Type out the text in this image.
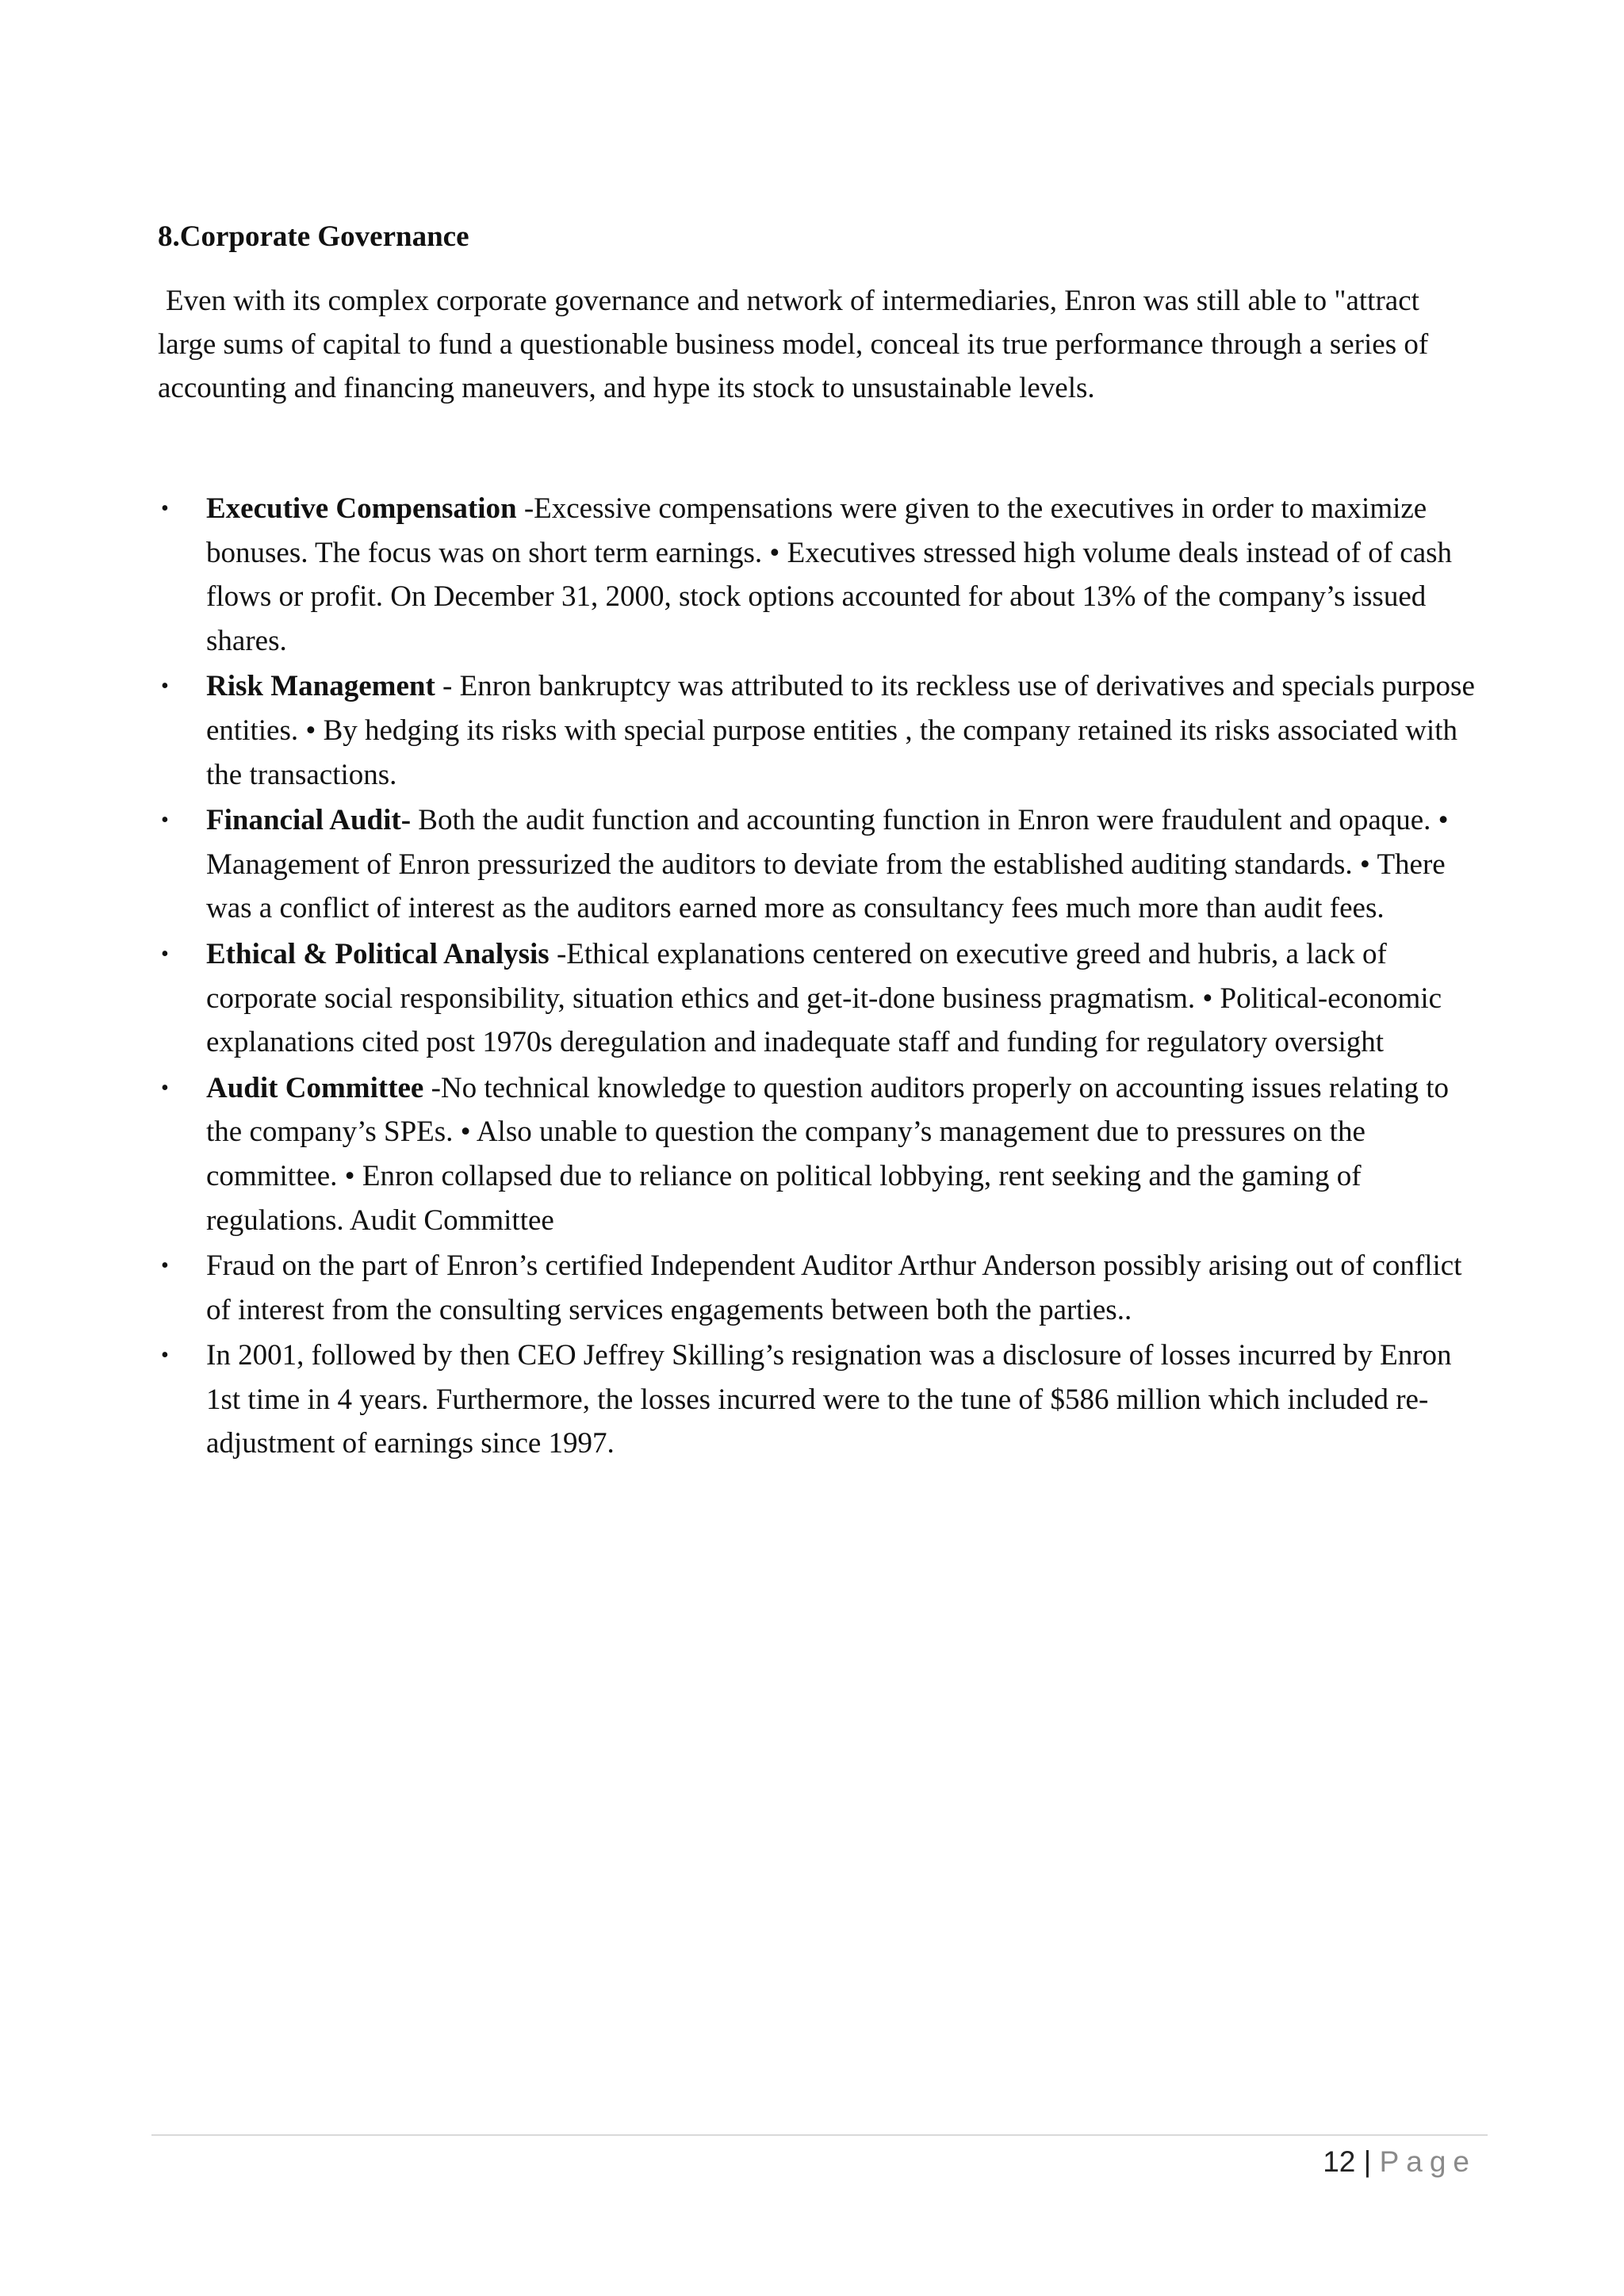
8.Corporate Governance

Even with its complex corporate governance and network of intermediaries, Enron was still able to "attract large sums of capital to fund a questionable business model, conceal its true performance through a series of accounting and financing maneuvers, and hype its stock to unsustainable levels.

• Executive Compensation -Excessive compensations were given to the executives in order to maximize bonuses. The focus was on short term earnings. • Executives stressed high volume deals instead of of cash flows or profit. On December 31, 2000, stock options accounted for about 13% of the company’s issued shares.
• Risk Management - Enron bankruptcy was attributed to its reckless use of derivatives and specials purpose entities. • By hedging its risks with special purpose entities , the company retained its risks associated with the transactions.
• Financial Audit- Both the audit function and accounting function in Enron were fraudulent and opaque. • Management of Enron pressurized the auditors to deviate from the established auditing standards. • There was a conflict of interest as the auditors earned more as consultancy fees much more than audit fees.
• Ethical & Political Analysis -Ethical explanations centered on executive greed and hubris, a lack of corporate social responsibility, situation ethics and get-it-done business pragmatism. • Political-economic explanations cited post 1970s deregulation and inadequate staff and funding for regulatory oversight
• Audit Committee -No technical knowledge to question auditors properly on accounting issues relating to the company’s SPEs. • Also unable to question the company’s management due to pressures on the committee. • Enron collapsed due to reliance on political lobbying, rent seeking and the gaming of regulations. Audit Committee
• Fraud on the part of Enron’s certified Independent Auditor Arthur Anderson possibly arising out of conflict of interest from the consulting services engagements between both the parties..
• In 2001, followed by then CEO Jeffrey Skilling’s resignation was a disclosure of losses incurred by Enron 1st time in 4 years. Furthermore, the losses incurred were to the tune of $586 million which included re-adjustment of earnings since 1997.
12 | Page
